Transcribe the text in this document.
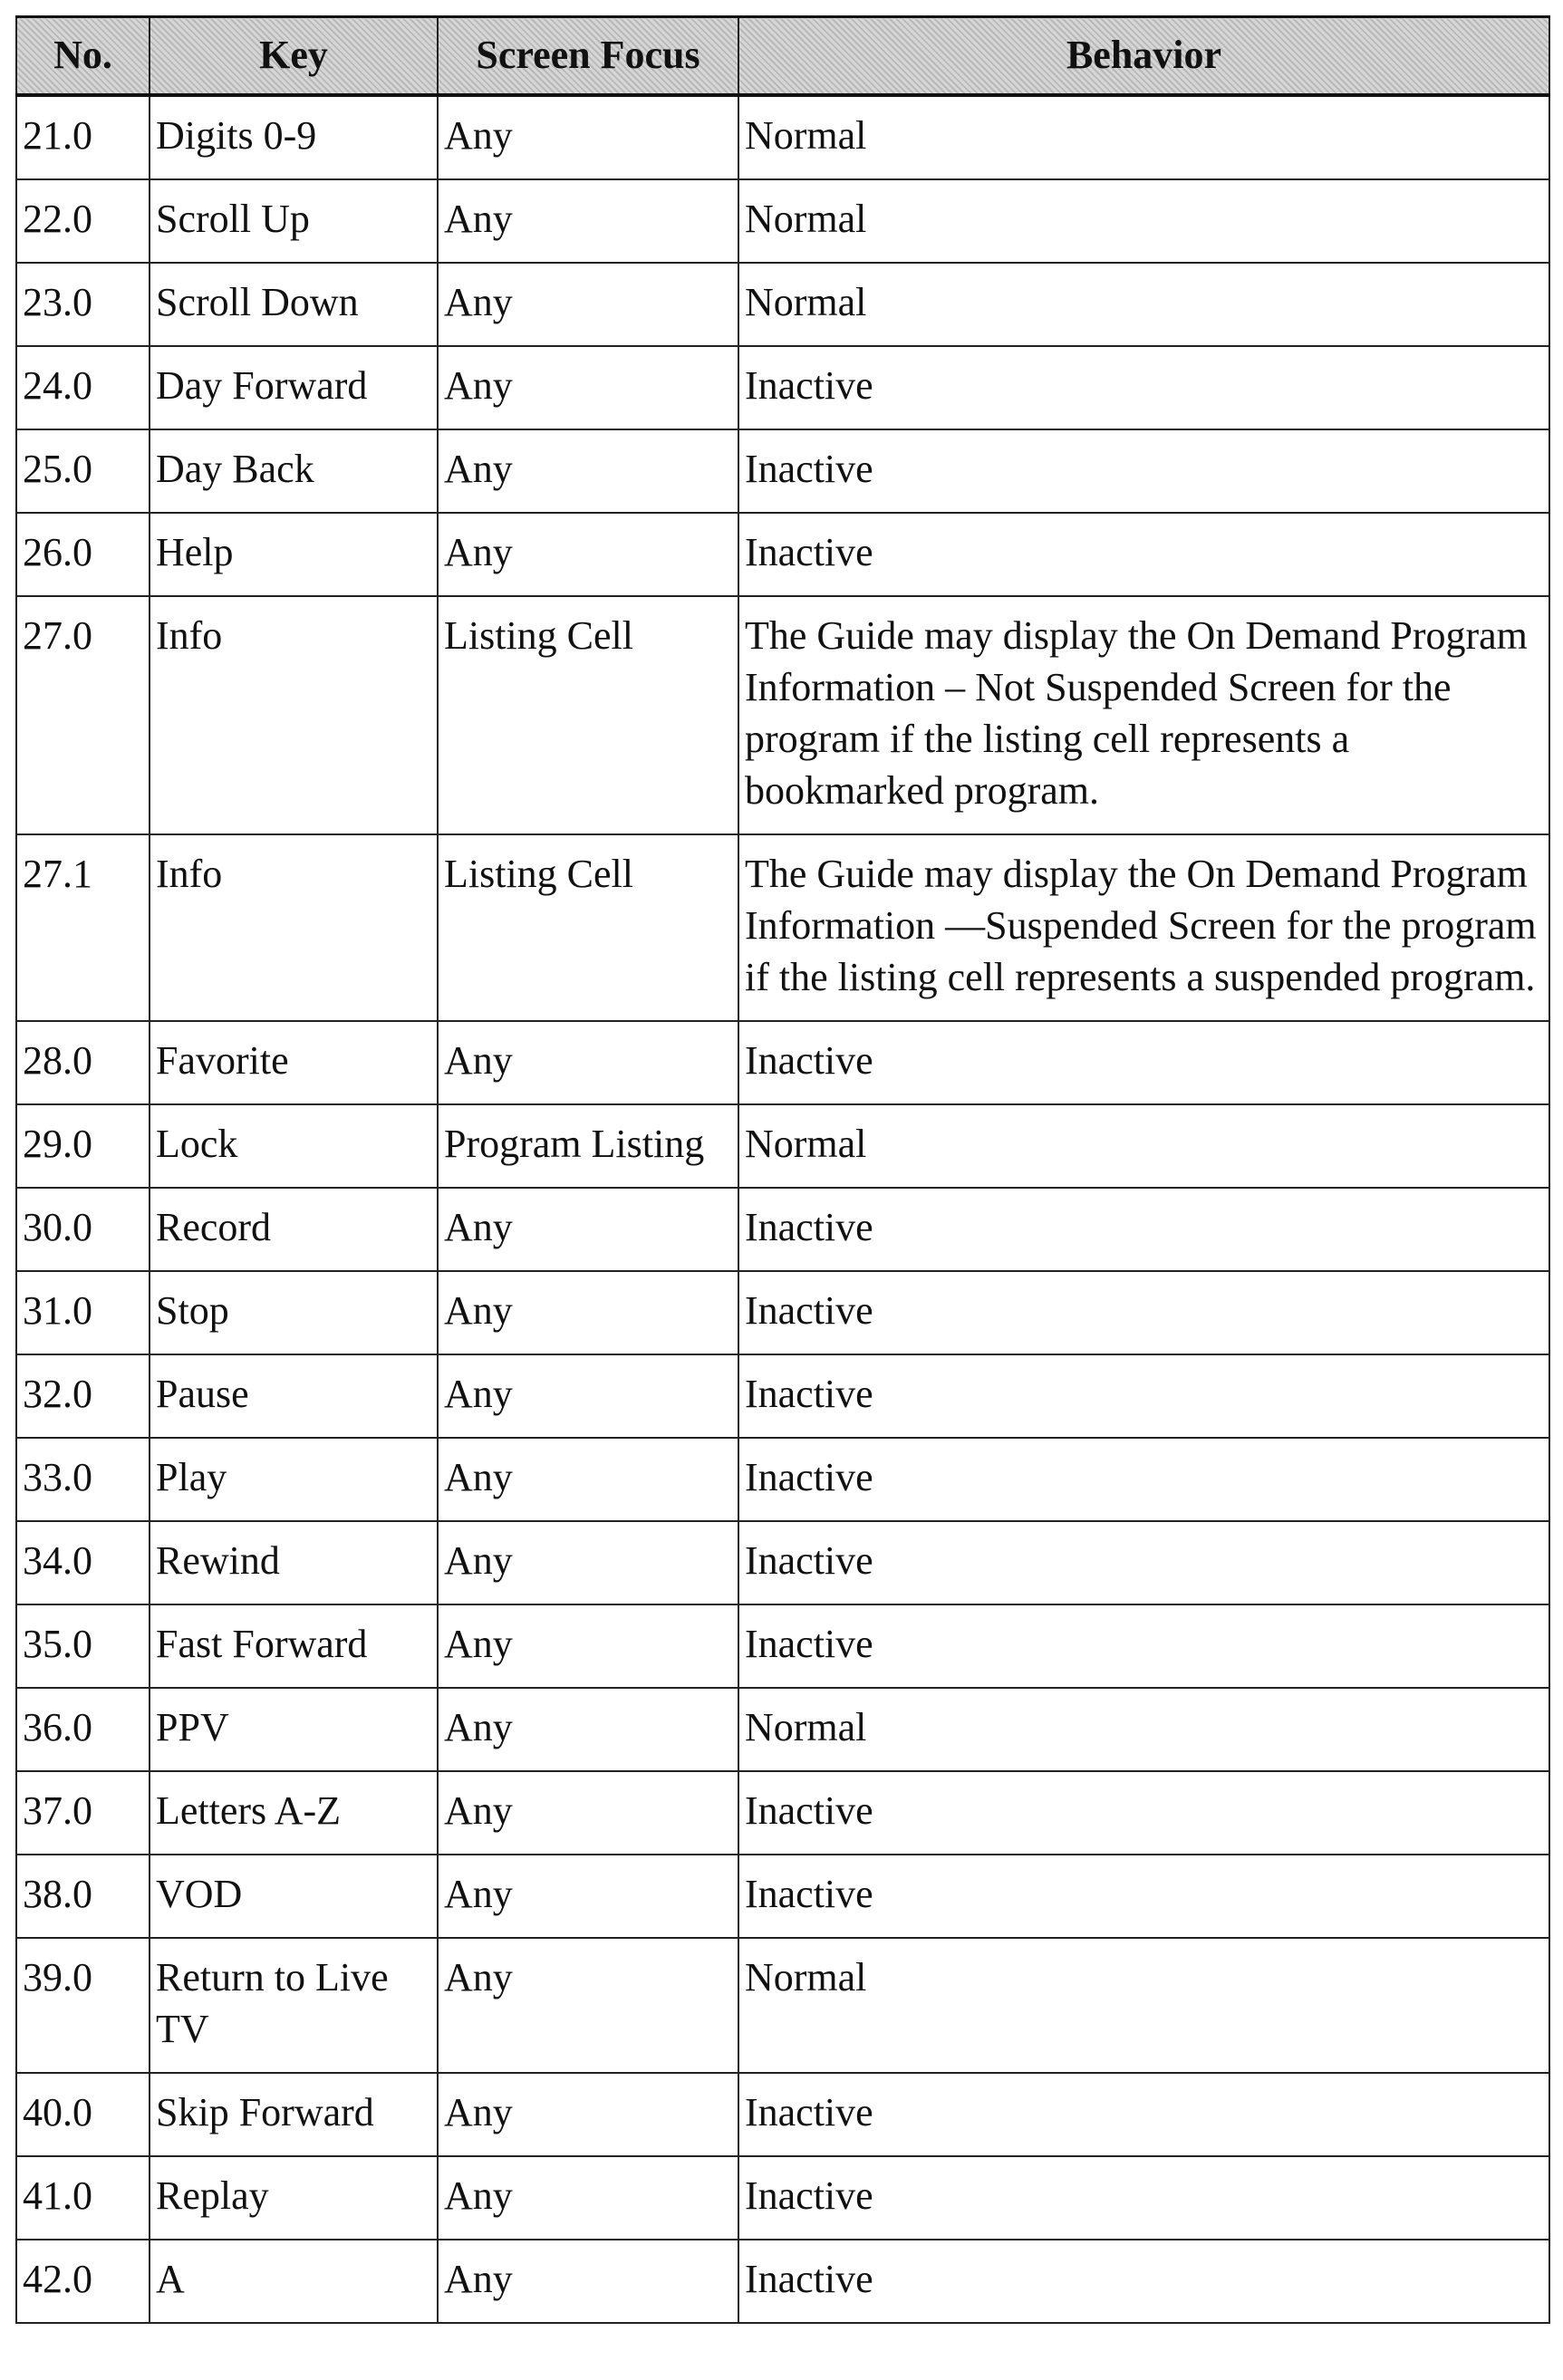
No.	Key	Screen Focus	Behavior
21.0	Digits 0-9	Any	Normal
22.0	Scroll Up	Any	Normal
23.0	Scroll Down	Any	Normal
24.0	Day Forward	Any	Inactive
25.0	Day Back	Any	Inactive
26.0	Help	Any	Inactive
27.0	Info	Listing Cell	The Guide may display the On Demand Program Information – Not Suspended Screen for the program if the listing cell represents a bookmarked program.
27.1	Info	Listing Cell	The Guide may display the On Demand Program Information —Suspended Screen for the program if the listing cell represents a suspended program.
28.0	Favorite	Any	Inactive
29.0	Lock	Program Listing	Normal
30.0	Record	Any	Inactive
31.0	Stop	Any	Inactive
32.0	Pause	Any	Inactive
33.0	Play	Any	Inactive
34.0	Rewind	Any	Inactive
35.0	Fast Forward	Any	Inactive
36.0	PPV	Any	Normal
37.0	Letters A-Z	Any	Inactive
38.0	VOD	Any	Inactive
39.0	Return to Live TV	Any	Normal
40.0	Skip Forward	Any	Inactive
41.0	Replay	Any	Inactive
42.0	A	Any	Inactive
